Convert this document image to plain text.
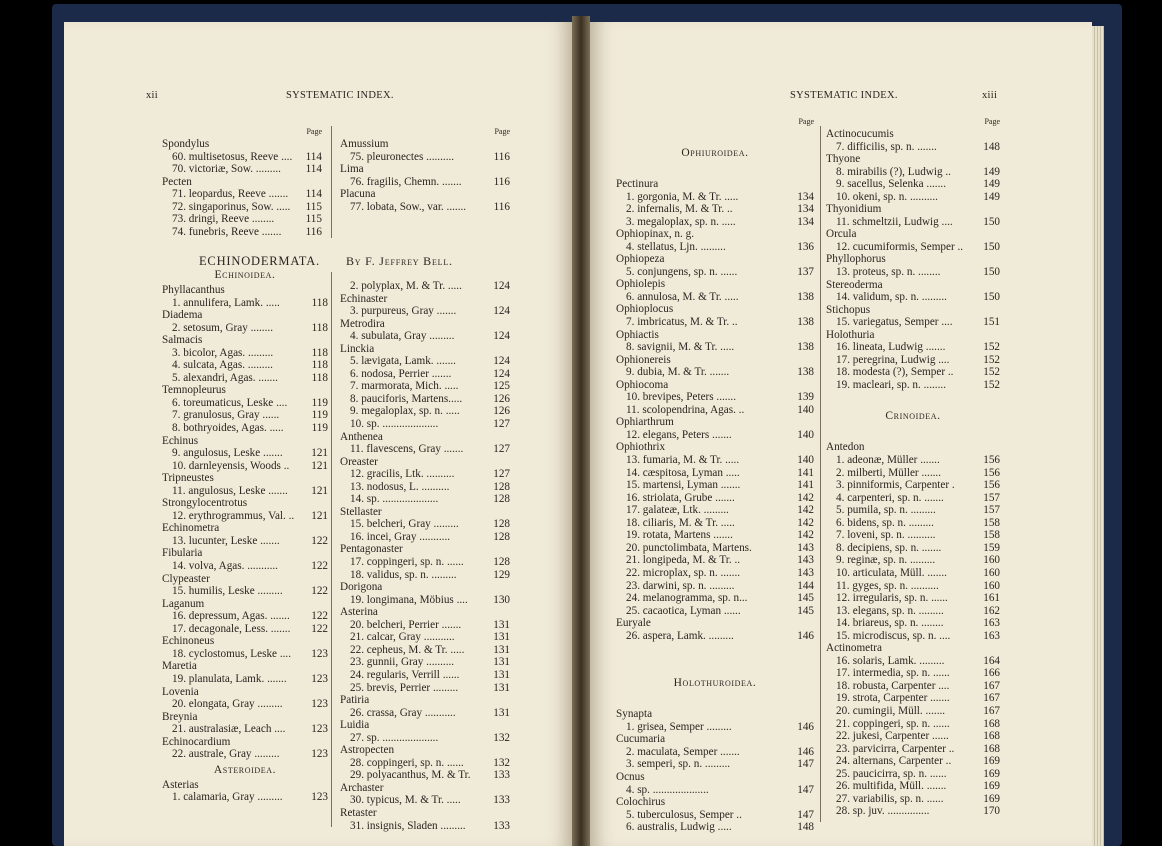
xii	SYSTEMATIC INDEX.
Page
Spondylus
60. multisetosus, Reeve .... 114
70. victoriæ, Sow. ......... 114
Pecten
71. leopardus, Reeve ....... 114
72. singaporinus, Sow. ..... 115
73. dringi, Reeve ........	115
74. funebris, Reeve ....... 116
Page
Amussium
75. pleuronectes ..........	116
Lima
76. fragilis, Chemn. .......	116
Placuna
77. lobata, Sow., var. ....... 116
ECHINODERMATA. By F. Jeffrey Bell.
Echinoidea.
Phyllacanthus
1. annulifera, Lamk. .....	118
Diadema
2. setosum, Gray ........	118
Salmacis
3. bicolor, Agas. .........	118
4. sulcata, Agas. .........	118
5. alexandri, Agas. .......	118
Temnopleurus
6. toreumaticus, Leske .... 119
7. granulosus, Gray ......	119
8. bothryoides, Agas. .....	119
Echinus
9. angulosus, Leske .......	121
10. darnleyensis, Woods .. 121
Tripneustes
11. angulosus, Leske ....... 121
Strongylocentrotus
12. erythrogrammus, Val. .. 121
Echinometra
13. lucunter, Leske .......	122
Fibularia
14. volva, Agas. ...........	122
Clypeaster
15. humilis, Leske .........	122
Laganum
16. depressum, Agas. ....... 122
17. decagonale, Less. ....... 122
Echinoneus
18. cyclostomus, Leske .... 123
Maretia
19. planulata, Lamk. ....... 123
Lovenia
20. elongata, Gray .........	123
Breynia
21. australasiæ, Leach .... 123
Echinocardium
22. australe, Gray .........	123
Asteroidea.
Asterias
1. calamaria, Gray .........	123
2. polyplax, M. & Tr. .....	124
Echinaster
3. purpureus, Gray .......	124
Metrodira
4. subulata, Gray .........	124
Linckia
5. lævigata, Lamk. .......	124
6. nodosa, Perrier .......	124
7. marmorata, Mich. .....	125
8. pauciforis, Martens.....	126
9. megaloplax, sp. n. .....	126
10. sp. ....................	127
Anthenea
11. flavescens, Gray .......	127
Oreaster
12. gracilis, Ltk. ..........	127
13. nodosus, L. ..........	128
14. sp. ....................	128
Stellaster
15. belcheri, Gray .........	128
16. incei, Gray ...........	128
Pentagonaster
17. coppingeri, sp. n. ......	128
18. validus, sp. n. .........	129
Dorigona
19. longimana, Möbius .... 130
Asterina
20. belcheri, Perrier .......	131
21. calcar, Gray ...........	131
22. cepheus, M. & Tr. .....	131
23. gunnii, Gray ..........	131
24. regularis, Verrill ......	131
25. brevis, Perrier .........	131
Patiria
26. crassa, Gray ...........	131
Luidia
27. sp. ....................	132
Astropecten
28. coppingeri, sp. n. ......	132
29. polyacanthus, M. & Tr. 133
Archaster
30. typicus, M. & Tr. .....	133
Retaster
31. insignis, Sladen ......... 133
SYSTEMATIC INDEX.	xiii
Page
Ophiuroidea.
Pectinura
1. gorgonia, M. & Tr. .....	134
2. infernalis, M. & Tr. ..	134
3. megaloplax, sp. n. .....	134
Ophiopinax, n. g.
4. stellatus, Ljn. .........	136
Ophiopeza
5. conjungens, sp. n. ......	137
Ophiolepis
6. annulosa, M. & Tr. .....	138
Ophioplocus
7. imbricatus, M. & Tr. ..	138
Ophiactis
8. savignii, M. & Tr. .....	138
Ophionereis
9. dubia, M. & Tr. .......	138
Ophiocoma
10. brevipes, Peters .......	139
11. scolopendrina, Agas. ..	140
Ophiarthrum
12. elegans, Peters .......	140
Ophiothrix
13. fumaria, M. & Tr. .....	140
14. cæspitosa, Lyman .....	141
15. martensi, Lyman .......	141
16. striolata, Grube .......	142
17. galateæ, Ltk. .........	142
18. ciliaris, M. & Tr. .....	142
19. rotata, Martens .......	142
20. punctolimbata, Martens.	143
21. longipeda, M. & Tr. ..	143
22. microplax, sp. n. .......	143
23. darwini, sp. n. .........	144
24. melanogramma, sp. n...	145
25. cacaotica, Lyman ......	145
Euryale
26. aspera, Lamk. .........	146
Holothuroidea.
Synapta
1. grisea, Semper .........	146
Cucumaria
2. maculata, Semper .......	146
3. semperi, sp. n. .........	147
Ocnus
4. sp. ....................	147
Colochirus
5. tuberculosus, Semper ..	147
6. australis, Ludwig .....	148
Page
Actinocucumis
7. difficilis, sp. n. .......	148
Thyone
8. mirabilis (?), Ludwig ..	149
9. sacellus, Selenka .......	149
10. okeni, sp. n. ..........	149
Thyonidium
11. schmeltzii, Ludwig ....	150
Orcula
12. cucumiformis, Semper .. 150
Phyllophorus
13. proteus, sp. n. ........	150
Stereoderma
14. validum, sp. n. .........	150
Stichopus
15. variegatus, Semper ....	151
Holothuria
16. lineata, Ludwig .......	152
17. peregrina, Ludwig ....	152
18. modesta (?), Semper ..	152
19. macleari, sp. n. ........	152
Crinoidea.
Antedon
1. adeonæ, Müller .......	156
2. milberti, Müller .......	156
3. pinniformis, Carpenter .	156
4. carpenteri, sp. n. .......	157
5. pumila, sp. n. .........	157
6. bidens, sp. n. .........	158
7. loveni, sp. n. ..........	158
8. decipiens, sp. n. .......	159
9. reginæ, sp. n. .........	160
10. articulata, Müll. .......	160
11. gyges, sp. n. ..........	160
12. irregularis, sp. n. ......	161
13. elegans, sp. n. .........	162
14. briareus, sp. n. ........	163
15. microdiscus, sp. n. ....	163
Actinometra
16. solaris, Lamk. .........	164
17. intermedia, sp. n. ......	166
18. robusta, Carpenter ....	167
19. strota, Carpenter .......	167
20. cumingii, Müll. .......	167
21. coppingeri, sp. n. ......	168
22. jukesi, Carpenter ......	168
23. parvicirra, Carpenter ..	168
24. alternans, Carpenter ..	169
25. paucicirra, sp. n. ......	169
26. multifida, Müll. .......	169
27. variabilis, sp. n. ......	169
28. sp. juv. ...............	170
